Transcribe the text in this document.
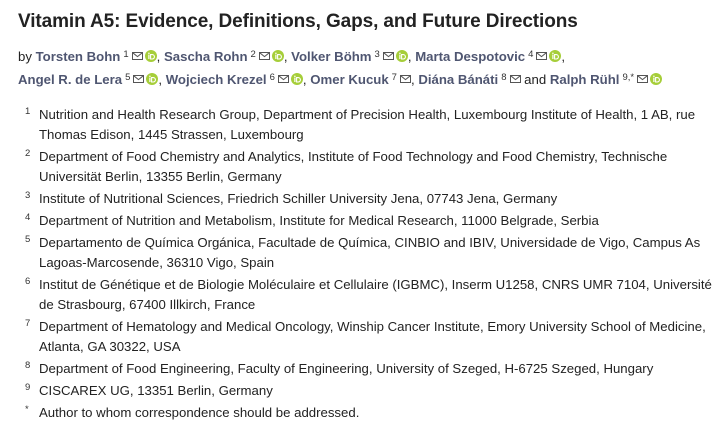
Vitamin A5: Evidence, Definitions, Gaps, and Future Directions
by Torsten Bohn $^1$ , Sascha Rohn $^2$ , Volker Böhm $^3$ , Marta Despotovic $^4$ ,
Angel R. de Lera $^5$ , Wojciech Krezel $^6$ , Omer Kucuk $^7$ , Diána Bánáti $^8$ and Ralph Rühl $^{9,*}$
1 Nutrition and Health Research Group, Department of Precision Health, Luxembourg Institute of Health, 1 AB, rue Thomas Edison, 1445 Strassen, Luxembourg
2 Department of Food Chemistry and Analytics, Institute of Food Technology and Food Chemistry, Technische Universität Berlin, 13355 Berlin, Germany
3 Institute of Nutritional Sciences, Friedrich Schiller University Jena, 07743 Jena, Germany
4 Department of Nutrition and Metabolism, Institute for Medical Research, 11000 Belgrade, Serbia
5 Departamento de Química Orgánica, Facultade de Química, CINBIO and IBIV, Universidade de Vigo, Campus As Lagoas-Marcosende, 36310 Vigo, Spain
6 Institut de Génétique et de Biologie Moléculaire et Cellulaire (IGBMC), Inserm U1258, CNRS UMR 7104, Université de Strasbourg, 67400 Illkirch, France
7 Department of Hematology and Medical Oncology, Winship Cancer Institute, Emory University School of Medicine, Atlanta, GA 30322, USA
8 Department of Food Engineering, Faculty of Engineering, University of Szeged, H-6725 Szeged, Hungary
9 CISCAREX UG, 13351 Berlin, Germany
* Author to whom correspondence should be addressed.
